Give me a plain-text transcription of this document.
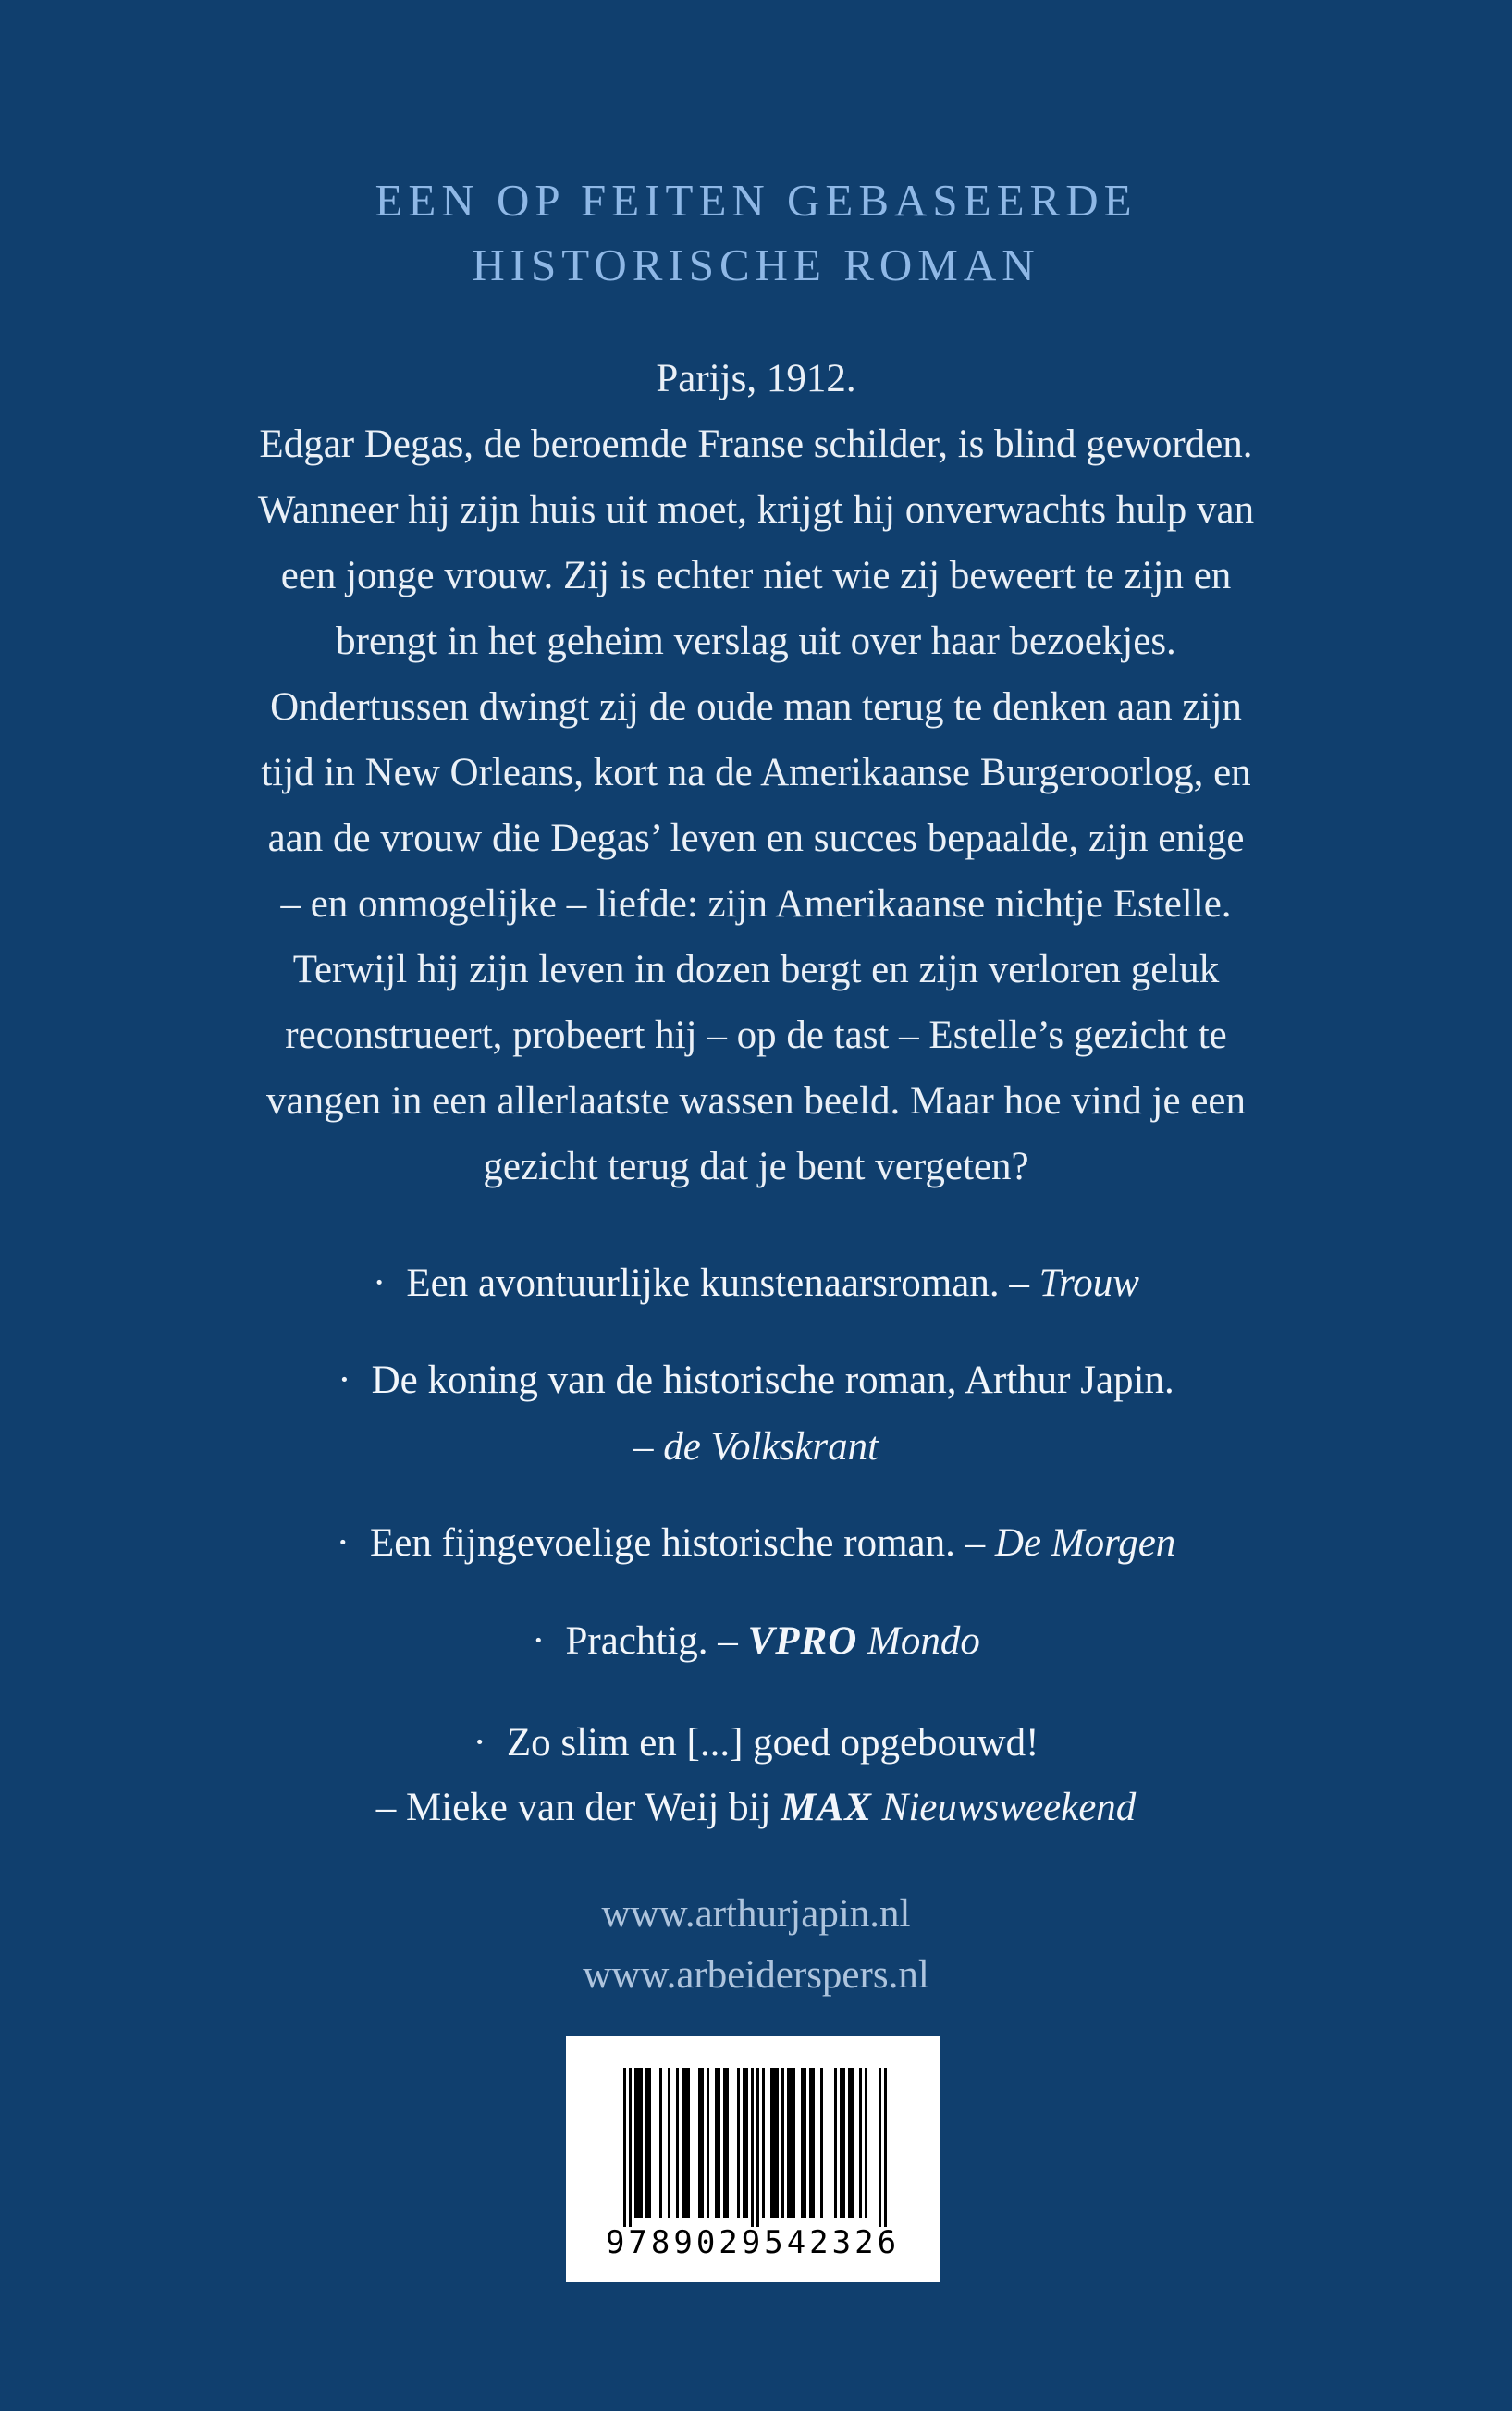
EEN OP FEITEN GEBASEERDE
HISTORISCHE ROMAN
Parijs, 1912.
Edgar Degas, de beroemde Franse schilder, is blind geworden.
Wanneer hij zijn huis uit moet, krijgt hij onverwachts hulp van
een jonge vrouw. Zij is echter niet wie zij beweert te zijn en
brengt in het geheim verslag uit over haar bezoekjes.
Ondertussen dwingt zij de oude man terug te denken aan zijn
tijd in New Orleans, kort na de Amerikaanse Burgeroorlog, en
aan de vrouw die Degas’ leven en succes bepaalde, zijn enige
– en onmogelijke – liefde: zijn Amerikaanse nichtje Estelle.
Terwijl hij zijn leven in dozen bergt en zijn verloren geluk
reconstrueert, probeert hij – op de tast – Estelle’s gezicht te
vangen in een allerlaatste wassen beeld. Maar hoe vind je een
gezicht terug dat je bent vergeten?
· Een avontuurlijke kunstenaarsroman. – Trouw
· De koning van de historische roman, Arthur Japin.
– de Volkskrant
· Een fijngevoelige historische roman. – De Morgen
· Prachtig. – VPRO Mondo
· Zo slim en [...] goed opgebouwd!
– Mieke van der Weij bij MAX Nieuwsweekend
www.arthurjapin.nl
www.arbeiderspers.nl
9789029542326
